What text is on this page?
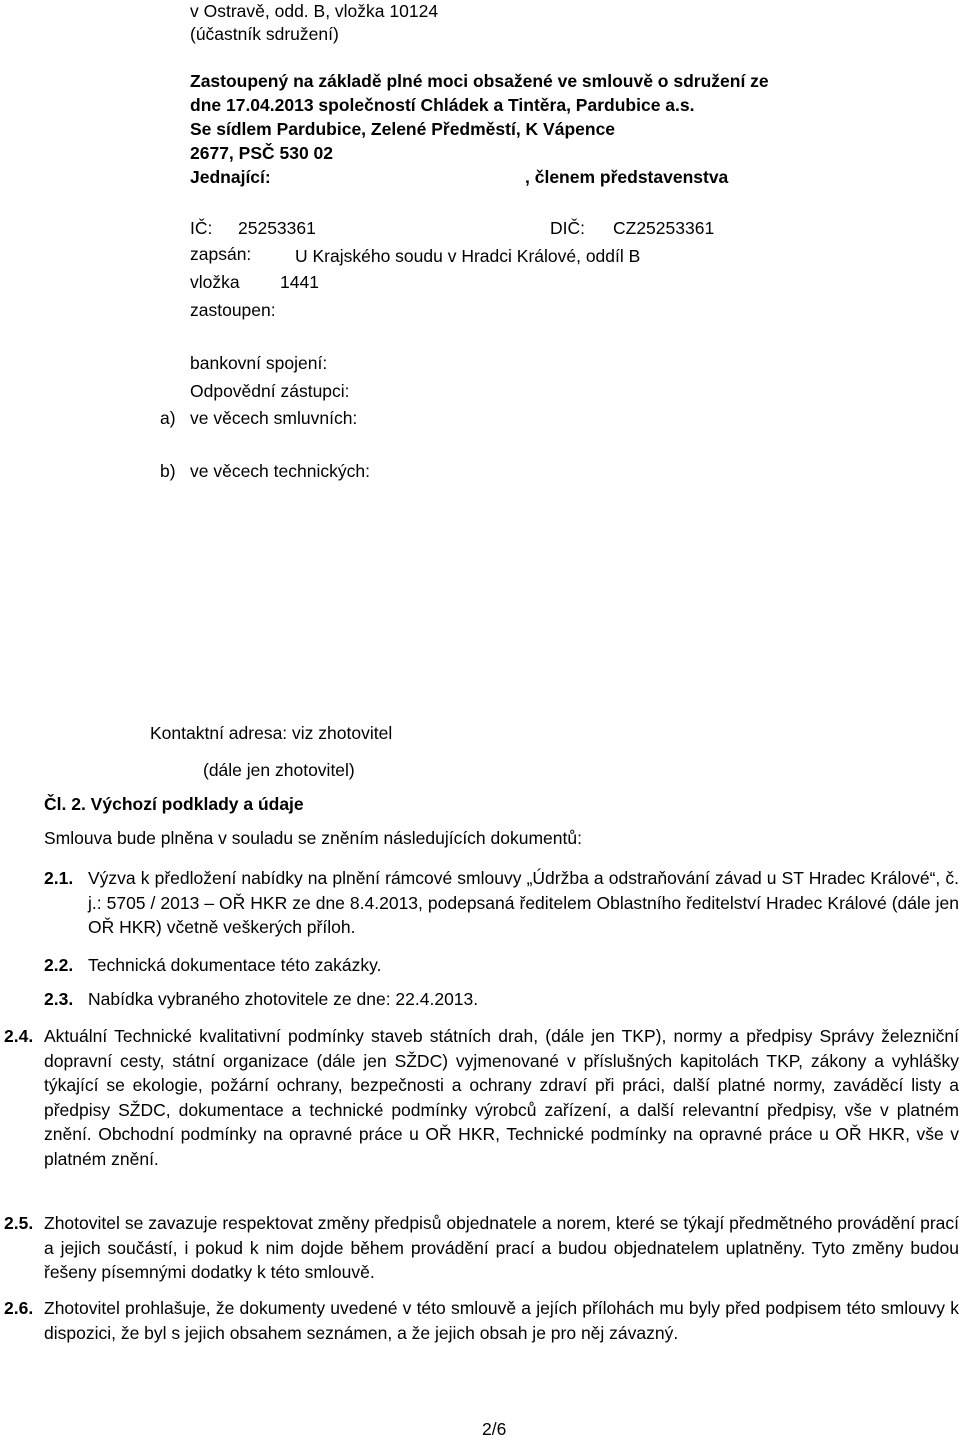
v Ostravě, odd. B, vložka 10124
(účastník sdružení)
Zastoupený na základě plné moci obsažené ve smlouvě o sdružení ze
dne 17.04.2013 společností Chládek a Tintěra, Pardubice a.s.
Se sídlem Pardubice, Zelené Předměstí, K Vápence
2677, PSČ 530 02
Jednající:	, členem představenstva
IČ: 25253361	DIČ: CZ25253361
zapsán: U Krajského soudu v Hradci Králové, oddíl B
vložka 1441
zastoupen:
bankovní spojení:
Odpovědní zástupci:
a) ve věcech smluvních:
b) ve věcech technických:
Kontaktní adresa: viz zhotovitel
(dále jen zhotovitel)
Čl. 2. Výchozí podklady a údaje
Smlouva bude plněna v souladu se zněním následujících dokumentů:
2.1. Výzva k předložení nabídky na plnění rámcové smlouvy „Údržba a odstraňování závad u ST Hradec Králové“, č. j.: 5705 / 2013 – OŘ HKR ze dne 8.4.2013, podepsaná ředitelem Oblastního ředitelství Hradec Králové (dále jen OŘ HKR) včetně veškerých příloh.
2.2. Technická dokumentace této zakázky.
2.3. Nabídka vybraného zhotovitele ze dne: 22.4.2013.
2.4. Aktuální Technické kvalitativní podmínky staveb státních drah, (dále jen TKP), normy a předpisy Správy železniční dopravní cesty, státní organizace (dále jen SŽDC) vyjmenované v příslušných kapitolách TKP, zákony a vyhlášky týkající se ekologie, požární ochrany, bezpečnosti a ochrany zdraví při práci, další platné normy, zaváděcí listy a předpisy SŽDC, dokumentace a technické podmínky výrobců zařízení, a další relevantní předpisy, vše v platném znění. Obchodní podmínky na opravné práce u OŘ HKR, Technické podmínky na opravné práce u OŘ HKR, vše v platném znění.
2.5. Zhotovitel se zavazuje respektovat změny předpisů objednatele a norem, které se týkají předmětného provádění prací a jejich součástí, i pokud k nim dojde během provádění prací a budou objednatelem uplatněny. Tyto změny budou řešeny písemnými dodatky k této smlouvě.
2.6. Zhotovitel prohlašuje, že dokumenty uvedené v této smlouvě a jejích přílohách mu byly před podpisem této smlouvy k dispozici, že byl s jejich obsahem seznámen, a že jejich obsah je pro něj závazný.
2/6
